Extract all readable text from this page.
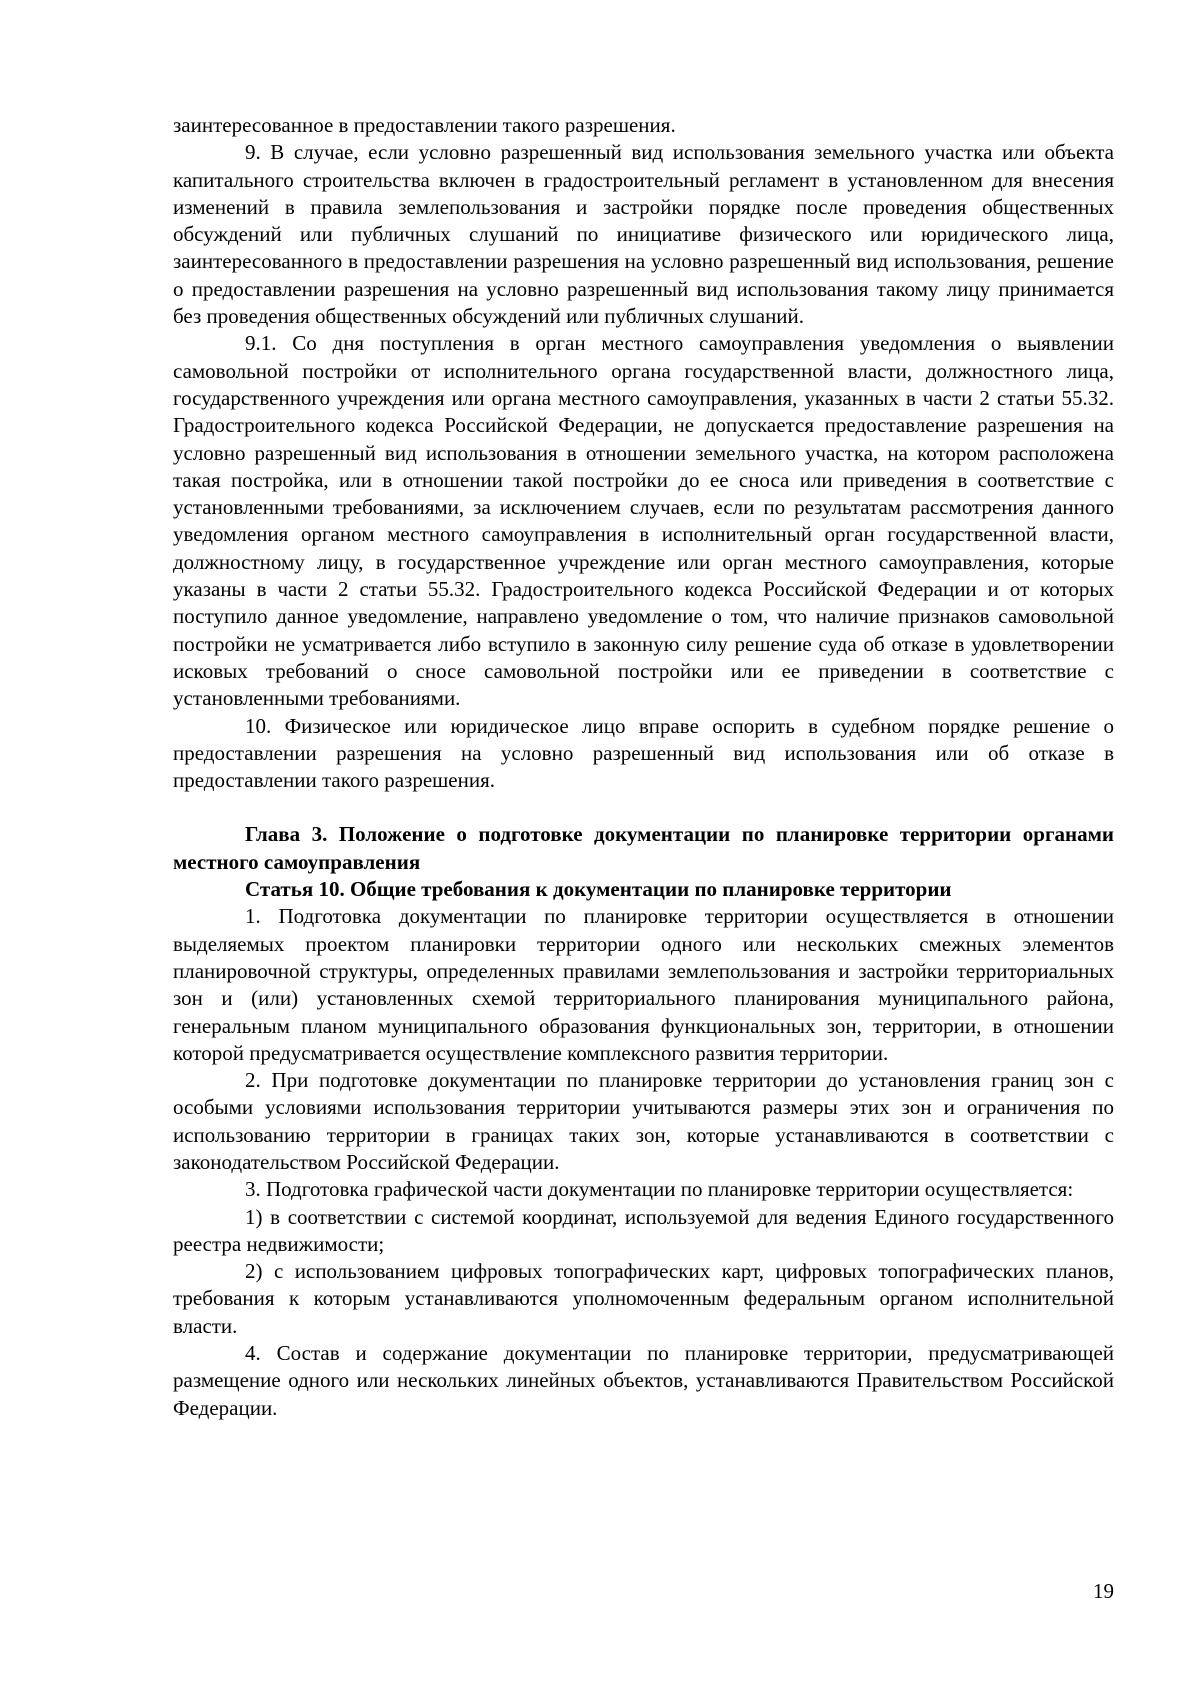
заинтересованное в предоставлении такого разрешения.

9. В случае, если условно разрешенный вид использования земельного участка или объекта капитального строительства включен в градостроительный регламент в установленном для внесения изменений в правила землепользования и застройки порядке после проведения общественных обсуждений или публичных слушаний по инициативе физического или юридического лица, заинтересованного в предоставлении разрешения на условно разрешенный вид использования, решение о предоставлении разрешения на условно разрешенный вид использования такому лицу принимается без проведения общественных обсуждений или публичных слушаний.

9.1. Со дня поступления в орган местного самоуправления уведомления о выявлении самовольной постройки от исполнительного органа государственной власти, должностного лица, государственного учреждения или органа местного самоуправления, указанных в части 2 статьи 55.32. Градостроительного кодекса Российской Федерации, не допускается предоставление разрешения на условно разрешенный вид использования в отношении земельного участка, на котором расположена такая постройка, или в отношении такой постройки до ее сноса или приведения в соответствие с установленными требованиями, за исключением случаев, если по результатам рассмотрения данного уведомления органом местного самоуправления в исполнительный орган государственной власти, должностному лицу, в государственное учреждение или орган местного самоуправления, которые указаны в части 2 статьи 55.32. Градостроительного кодекса Российской Федерации и от которых поступило данное уведомление, направлено уведомление о том, что наличие признаков самовольной постройки не усматривается либо вступило в законную силу решение суда об отказе в удовлетворении исковых требований о сносе самовольной постройки или ее приведении в соответствие с установленными требованиями.

10. Физическое или юридическое лицо вправе оспорить в судебном порядке решение о предоставлении разрешения на условно разрешенный вид использования или об отказе в предоставлении такого разрешения.

Глава 3. Положение о подготовке документации по планировке территории органами местного самоуправления
Статья 10. Общие требования к документации по планировке территории

1. Подготовка документации по планировке территории осуществляется в отношении выделяемых проектом планировки территории одного или нескольких смежных элементов планировочной структуры, определенных правилами землепользования и застройки территориальных зон и (или) установленных схемой территориального планирования муниципального района, генеральным планом муниципального образования функциональных зон, территории, в отношении которой предусматривается осуществление комплексного развития территории.

2. При подготовке документации по планировке территории до установления границ зон с особыми условиями использования территории учитываются размеры этих зон и ограничения по использованию территории в границах таких зон, которые устанавливаются в соответствии с законодательством Российской Федерации.

3. Подготовка графической части документации по планировке территории осуществляется:

1) в соответствии с системой координат, используемой для ведения Единого государственного реестра недвижимости;

2) с использованием цифровых топографических карт, цифровых топографических планов, требования к которым устанавливаются уполномоченным федеральным органом исполнительной власти.

4. Состав и содержание документации по планировке территории, предусматривающей размещение одного или нескольких линейных объектов, устанавливаются Правительством Российской Федерации.

19
